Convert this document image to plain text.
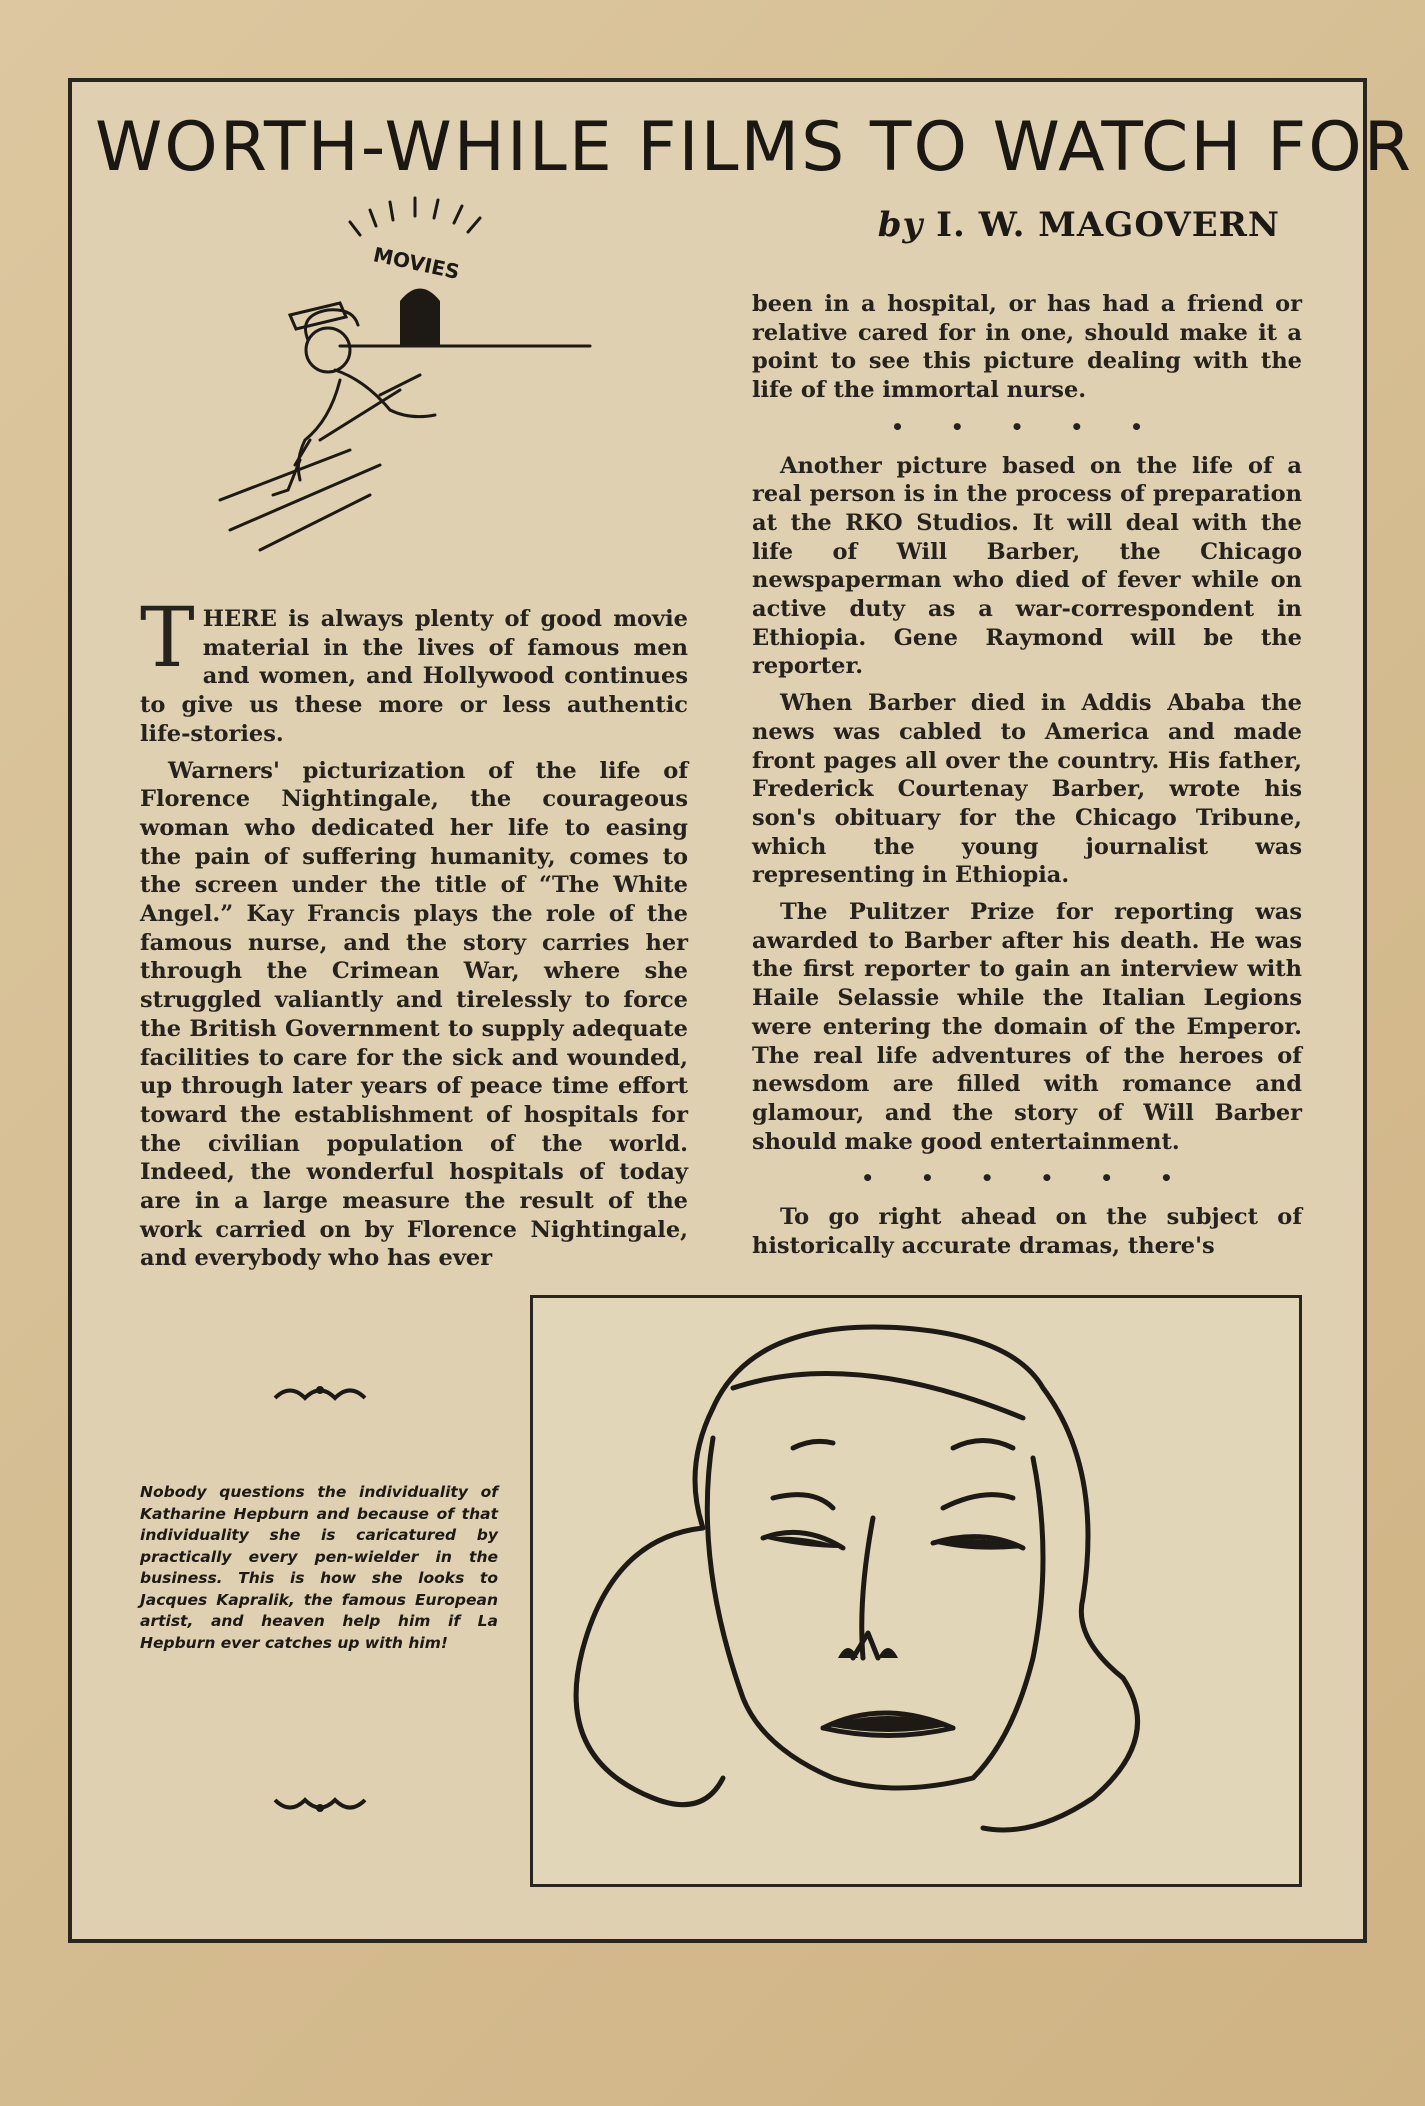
WORTH-WHILE FILMS TO WATCH FOR
by I. W. MAGOVERN
MOVIES

THERE is always plenty of good movie material in the lives of famous men and women, and Hollywood continues to give us these more or less authentic life-stories.

Warners' picturization of the life of Florence Nightingale, the courageous woman who dedicated her life to easing the pain of suffering humanity, comes to the screen under the title of “The White Angel.” Kay Francis plays the role of the famous nurse, and the story carries her through the Crimean War, where she struggled valiantly and tirelessly to force the British Government to supply adequate facilities to care for the sick and wounded, up through later years of peace time effort toward the establishment of hospitals for the civilian population of the world. Indeed, the wonderful hospitals of today are in a large measure the result of the work carried on by Florence Nightingale, and everybody who has ever

been in a hospital, or has had a friend or relative cared for in one, should make it a point to see this picture dealing with the life of the immortal nurse.

• • • • •

Another picture based on the life of a real person is in the process of preparation at the RKO Studios. It will deal with the life of Will Barber, the Chicago newspaperman who died of fever while on active duty as a war-correspondent in Ethiopia. Gene Raymond will be the reporter.

When Barber died in Addis Ababa the news was cabled to America and made front pages all over the country. His father, Frederick Courtenay Barber, wrote his son's obituary for the Chicago Tribune, which the young journalist was representing in Ethiopia.

The Pulitzer Prize for reporting was awarded to Barber after his death. He was the first reporter to gain an interview with Haile Selassie while the Italian Legions were entering the domain of the Emperor. The real life adventures of the heroes of newsdom are filled with romance and glamour, and the story of Will Barber should make good entertainment.

• • • • • •

To go right ahead on the subject of historically accurate dramas, there's

Nobody questions the individuality of Katharine Hepburn and because of that individuality she is caricatured by practically every pen-wielder in the business. This is how she looks to Jacques Kapralik, the famous European artist, and heaven help him if La Hepburn ever catches up with him!
